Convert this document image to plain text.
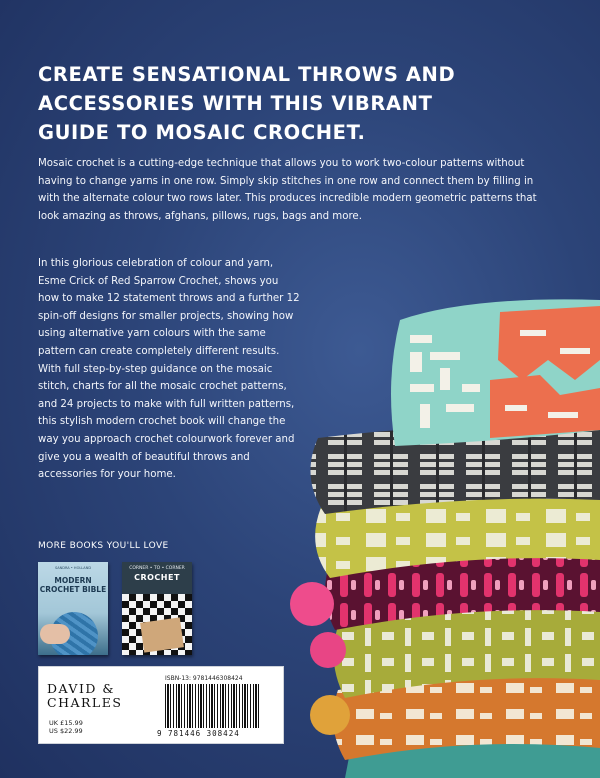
CREATE SENSATIONAL THROWS AND ACCESSORIES WITH THIS VIBRANT GUIDE TO MOSAIC CROCHET.

Mosaic crochet is a cutting-edge technique that allows you to work two-colour patterns without having to change yarns in one row. Simply skip stitches in one row and connect them by filling in with the alternate colour two rows later. This produces incredible modern geometric patterns that look amazing as throws, afghans, pillows, rugs, bags and more.

In this glorious celebration of colour and yarn, Esme Crick of Red Sparrow Crochet, shows you how to make 12 statement throws and a further 12 spin-off designs for smaller projects, showing how using alternative yarn colours with the same pattern can create completely different results. With full step-by-step guidance on the mosaic stitch, charts for all the mosaic crochet patterns, and 24 projects to make with full written patterns, this stylish modern crochet book will change the way you approach crochet colourwork forever and give you a wealth of beautiful throws and accessories for your home.

MORE BOOKS YOU'LL LOVE
SANDRA • HOLLAND
MODERN CROCHET BIBLE
CORNER • TO • CORNER
CROCHET
DAVID &
CHARLES
UK £15.99
US $22.99
ISBN-13: 9781446308424
9 781446 308424
